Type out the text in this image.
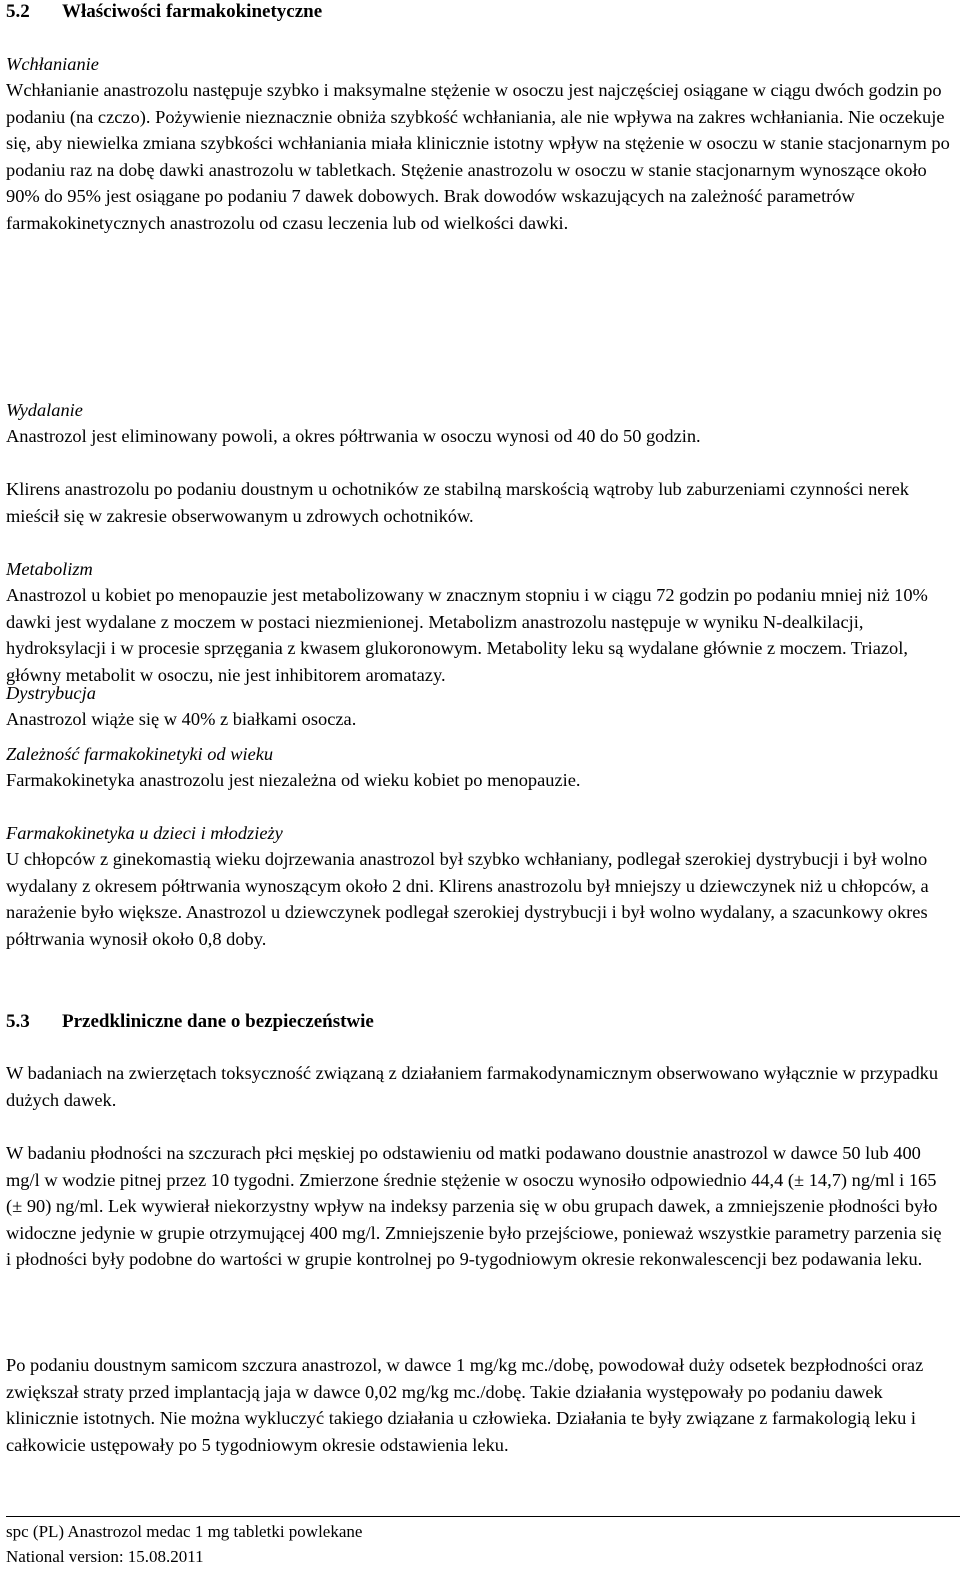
5.2 Właściwości farmakokinetyczne
Wchłanianie

Wchłanianie anastrozolu następuje szybko i maksymalne stężenie w osoczu jest najczęściej osiągane w ciągu dwóch godzin po podaniu (na czczo). Pożywienie nieznacznie obniża szybkość wchłaniania, ale nie wpływa na zakres wchłaniania. Nie oczekuje się, aby niewielka zmiana szybkości wchłaniania miała klinicznie istotny wpływ na stężenie w osoczu w stanie stacjonarnym po podaniu raz na dobę dawki anastrozolu w tabletkach. Stężenie anastrozolu w osoczu w stanie stacjonarnym wynoszące około 90% do 95% jest osiągane po podaniu 7 dawek dobowych. Brak dowodów wskazujących na zależność parametrów farmakokinetycznych anastrozolu od czasu leczenia lub od wielkości dawki.

Dystrybucja

Anastrozol wiąże się w 40% z białkami osocza.

Wydalanie

Anastrozol jest eliminowany powoli, a okres półtrwania w osoczu wynosi od 40 do 50 godzin.

Klirens anastrozolu po podaniu doustnym u ochotników ze stabilną marskością wątroby lub zaburzeniami czynności nerek mieścił się w zakresie obserwowanym u zdrowych ochotników.

Metabolizm

Anastrozol u kobiet po menopauzie jest metabolizowany w znacznym stopniu i w ciągu 72 godzin po podaniu mniej niż 10% dawki jest wydalane z moczem w postaci niezmienionej. Metabolizm anastrozolu następuje w wyniku N-dealkilacji, hydroksylacji i w procesie sprzęgania z kwasem glukoronowym. Metabolity leku są wydalane głównie z moczem. Triazol, główny metabolit w osoczu, nie jest inhibitorem aromatazy.

Zależność farmakokinetyki od wieku

Farmakokinetyka anastrozolu jest niezależna od wieku kobiet po menopauzie.

Farmakokinetyka u dzieci i młodzieży

U chłopców z ginekomastią wieku dojrzewania anastrozol był szybko wchłaniany, podlegał szerokiej dystrybucji i był wolno wydalany z okresem półtrwania wynoszącym około 2 dni. Klirens anastrozolu był mniejszy u dziewczynek niż u chłopców, a narażenie było większe. Anastrozol u dziewczynek podlegał szerokiej dystrybucji i był wolno wydalany, a szacunkowy okres półtrwania wynosił około 0,8 doby.

5.3 Przedkliniczne dane o bezpieczeństwie

W badaniach na zwierzętach toksyczność związaną z działaniem farmakodynamicznym obserwowano wyłącznie w przypadku dużych dawek.

W badaniu płodności na szczurach płci męskiej po odstawieniu od matki podawano doustnie anastrozol w dawce 50 lub 400 mg/l w wodzie pitnej przez 10 tygodni. Zmierzone średnie stężenie w osoczu wynosiło odpowiednio 44,4 (± 14,7) ng/ml i 165 (± 90) ng/ml. Lek wywierał niekorzystny wpływ na indeksy parzenia się w obu grupach dawek, a zmniejszenie płodności było widoczne jedynie w grupie otrzymującej 400 mg/l. Zmniejszenie było przejściowe, ponieważ wszystkie parametry parzenia się i płodności były podobne do wartości w grupie kontrolnej po 9-tygodniowym okresie rekonwalescencji bez podawania leku.

Po podaniu doustnym samicom szczura anastrozol, w dawce 1 mg/kg mc./dobę, powodował duży odsetek bezpłodności oraz zwiększał straty przed implantacją jaja w dawce 0,02 mg/kg mc./dobę. Takie działania występowały po podaniu dawek klinicznie istotnych. Nie można wykluczyć takiego działania u człowieka. Działania te były związane z farmakologią leku i całkowicie ustępowały po 5 tygodniowym okresie odstawienia leku.

spc (PL) Anastrozol medac 1 mg tabletki powlekane
National version: 15.08.2011
